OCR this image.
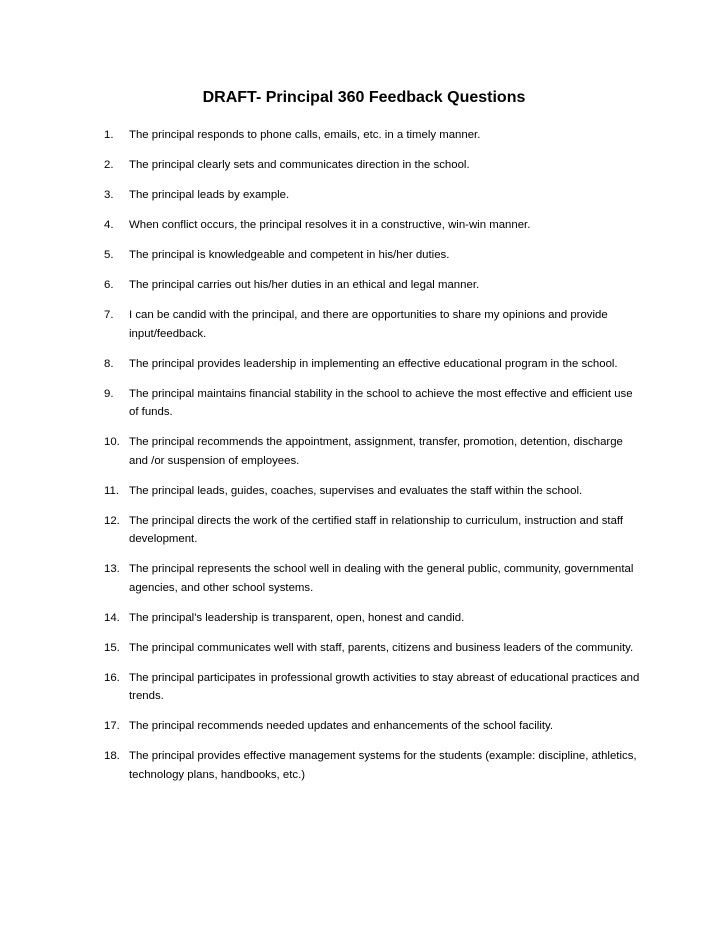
DRAFT- Principal 360 Feedback Questions
1.	The principal responds to phone calls, emails, etc. in a timely manner.
2.	The principal clearly sets and communicates direction in the school.
3.	The principal leads by example.
4.	When conflict occurs, the principal resolves it in a constructive, win-win manner.
5.	The principal is knowledgeable and competent in his/her duties.
6.	The principal carries out his/her duties in an ethical and legal manner.
7.	I can be candid with the principal, and there are opportunities to share my opinions and provide input/feedback.
8.	The principal provides leadership in implementing an effective educational program in the school.
9.	The principal maintains financial stability in the school to achieve the most effective and efficient use of funds.
10. The principal recommends the appointment, assignment, transfer, promotion, detention, discharge and /or suspension of employees.
11. The principal leads, guides, coaches, supervises and evaluates the staff within the school.
12. The principal directs the work of the certified staff in relationship to curriculum, instruction and staff development.
13. The principal represents the school well in dealing with the general public, community, governmental agencies, and other school systems.
14. The principal's leadership is transparent, open, honest and candid.
15. The principal communicates well with staff, parents, citizens and business leaders of the community.
16. The principal participates in professional growth activities to stay abreast of educational practices and trends.
17. The principal recommends needed updates and enhancements of the school facility.
18. The principal provides effective management systems for the students (example: discipline, athletics, technology plans, handbooks, etc.)
